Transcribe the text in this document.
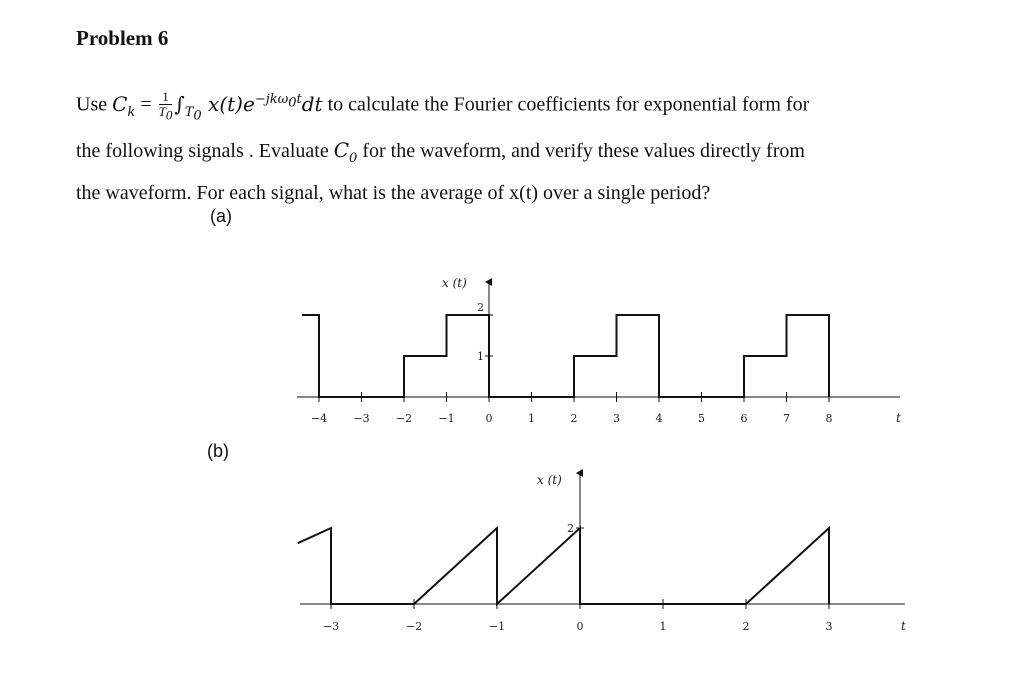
Problem 6
Use $C_k = \frac{1}{T_0} \int_{T_0}$ $x(t)e^{-jk\omega_0t}dt$ to calculate the Fourier coefficients for exponential form for
the following signals . Evaluate $C_0$ for the waveform, and verify these values directly from
the waveform. For each signal, what is the average of x(t) over a single period?
(a)
(b)
x (t)
t
2
1
−4 −3 −2 −1	0	1	2	3	4	5	6	7	8
x (t)
t
2
−3	−2	−1	0	1	2	3
